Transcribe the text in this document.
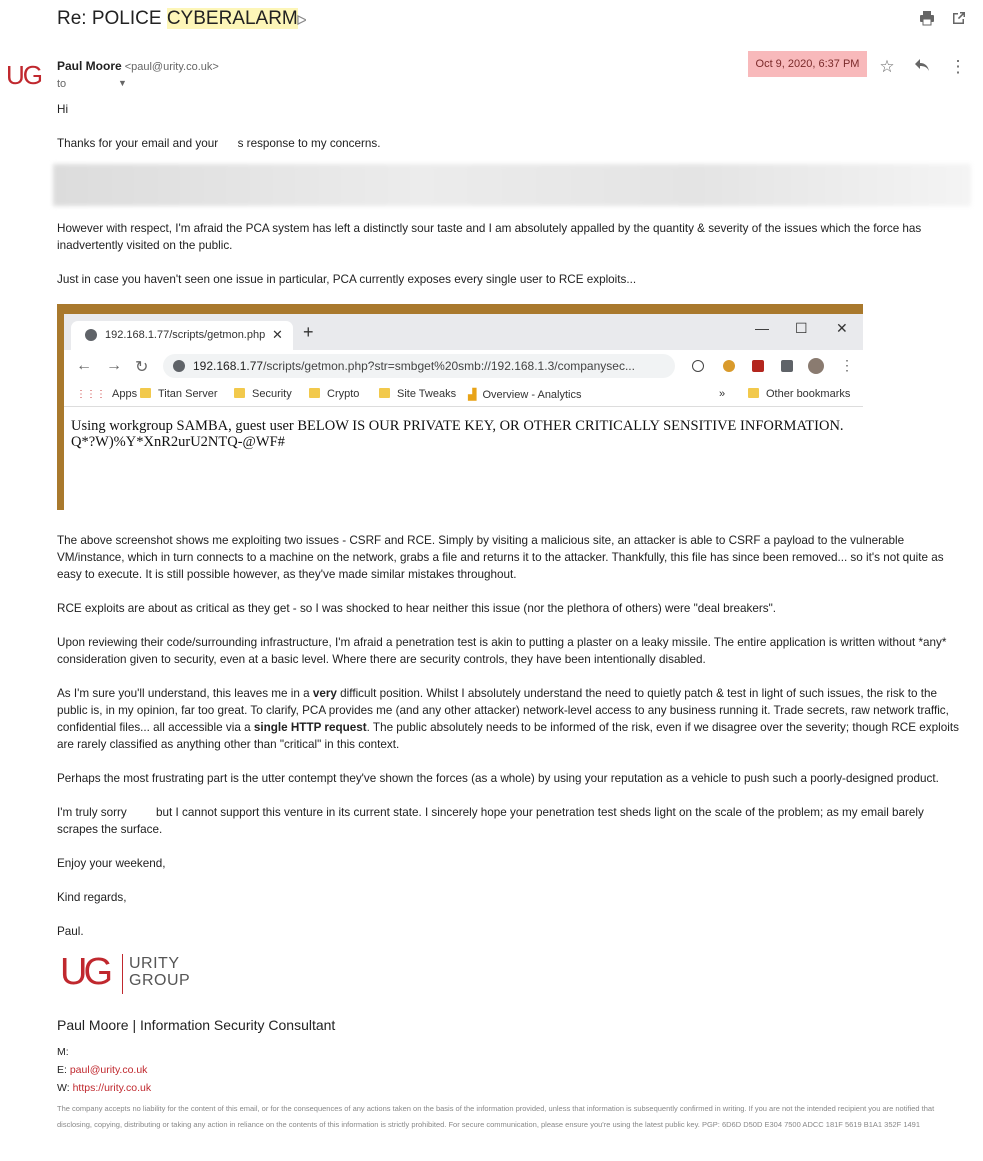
Re: POLICE CYBERALARM
ᐅ
UG Paul Moore <paul@urity.co.uk>
to	▼
Oct 9, 2020, 6:37 PM	☆	⋮
Hi
Thanks for your email and your      s response to my concerns.
However with respect, I'm afraid the PCA system has left a distinctly sour taste and I am absolutely appalled by the quantity & severity of the issues which the force has inadvertently visited on the public.
Just in case you haven't seen one issue in particular, PCA currently exposes every single user to RCE exploits...
192.168.1.77/scripts/getmon.php ✕ +	— ☐ ✕
← → ↻	192.168.1.77/scripts/getmon.php?str=smbget%20smb://192.168.1.3/companysec...	⋮
⋮⋮⋮ Apps	Titan Server	Security	Crypto	Site Tweaks ▟ Overview - Analytics	»	Other bookmarks
Using workgroup SAMBA, guest user BELOW IS OUR PRIVATE KEY, OR OTHER CRITICALLY SENSITIVE INFORMATION.
Q*?W)%Y*XnR2urU2NTQ-@WF#
The above screenshot shows me exploiting two issues - CSRF and RCE. Simply by visiting a malicious site, an attacker is able to CSRF a payload to the vulnerable VM/instance, which in turn connects to a machine on the network, grabs a file and returns it to the attacker. Thankfully, this file has since been removed... so it's not quite as easy to execute. It is still possible however, as they've made similar mistakes throughout.
RCE exploits are about as critical as they get - so I was shocked to hear neither this issue (nor the plethora of others) were "deal breakers".
Upon reviewing their code/surrounding infrastructure, I'm afraid a penetration test is akin to putting a plaster on a leaky missile. The entire application is written without *any* consideration given to security, even at a basic level. Where there are security controls, they have been intentionally disabled.
As I'm sure you'll understand, this leaves me in a very difficult position. Whilst I absolutely understand the need to quietly patch & test in light of such issues, the risk to the public is, in my opinion, far too great. To clarify, PCA provides me (and any other attacker) network-level access to any business running it. Trade secrets, raw network traffic, confidential files... all accessible via a single HTTP request. The public absolutely needs to be informed of the risk, even if we disagree over the severity; though RCE exploits are rarely classified as anything other than "critical" in this context.
Perhaps the most frustrating part is the utter contempt they've shown the forces (as a whole) by using your reputation as a vehicle to push such a poorly-designed product.
I'm truly sorry         but I cannot support this venture in its current state. I sincerely hope your penetration test sheds light on the scale of the problem; as my email barely scrapes the surface.
Enjoy your weekend,
Kind regards,
Paul.
UG URITY
GROUP
Paul Moore | Information Security Consultant
M:
E: paul@urity.co.uk
W: https://urity.co.uk
The company accepts no liability for the content of this email, or for the consequences of any actions taken on the basis of the information provided, unless that information is subsequently confirmed in writing. If you are not the intended recipient you are notified that disclosing, copying, distributing or taking any action in reliance on the contents of this information is strictly prohibited. For secure communication, please ensure you're using the latest public key. PGP: 6D6D D50D E304 7500 ADCC 181F 5619 B1A1 352F 1491
